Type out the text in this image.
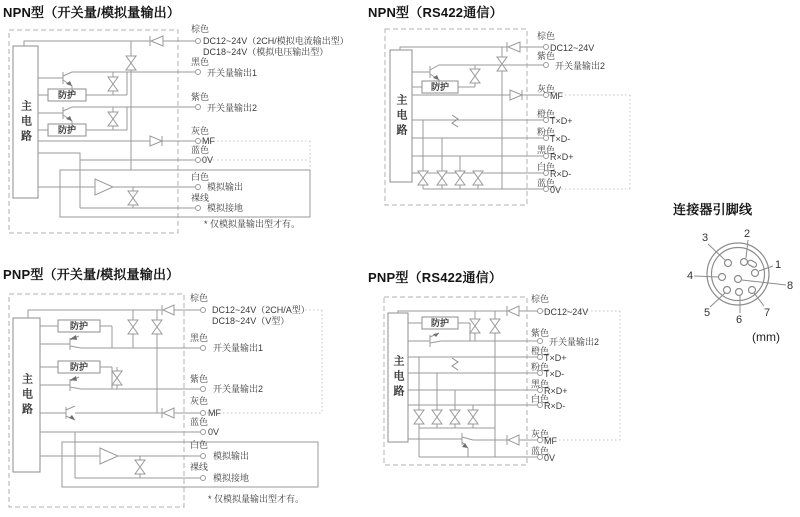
NPN型（开关量/模拟量输出）
主电路
防护
防护
棕色
DC12~24V（2CH/模拟电流输出型）
DC18~24V（模拟电压输出型）
黑色
开关量输出1
紫色
开关量输出2
灰色
MF
蓝色
0V
白色
模拟输出
裸线
模拟接地
* 仅模拟量输出型才有。
NPN型（RS422通信）
主电路
防护
棕色
DC12~24V
紫色
开关量输出2
灰色
MF
橙色
T×D+
粉色
T×D-
黑色
R×D+
白色
R×D-
蓝色
0V
PNP型（开关量/模拟量输出）
主电路
防护
防护
棕色
DC12~24V（2CH/A型）
DC18~24V（V型）
黑色
开关量输出1
紫色
开关量输出2
灰色
MF
蓝色
0V
白色
模拟输出
裸线
模拟接地
* 仅模拟量输出型才有。
PNP型（RS422通信）
主电路
防护
棕色
DC12~24V
紫色
开关量输出2
橙色
T×D+
粉色
T×D-
黑色
R×D+
白色
R×D-
灰色
MF
蓝色
0V
连接器引脚线
3	2
1
4
8
5
6
7
(mm)
